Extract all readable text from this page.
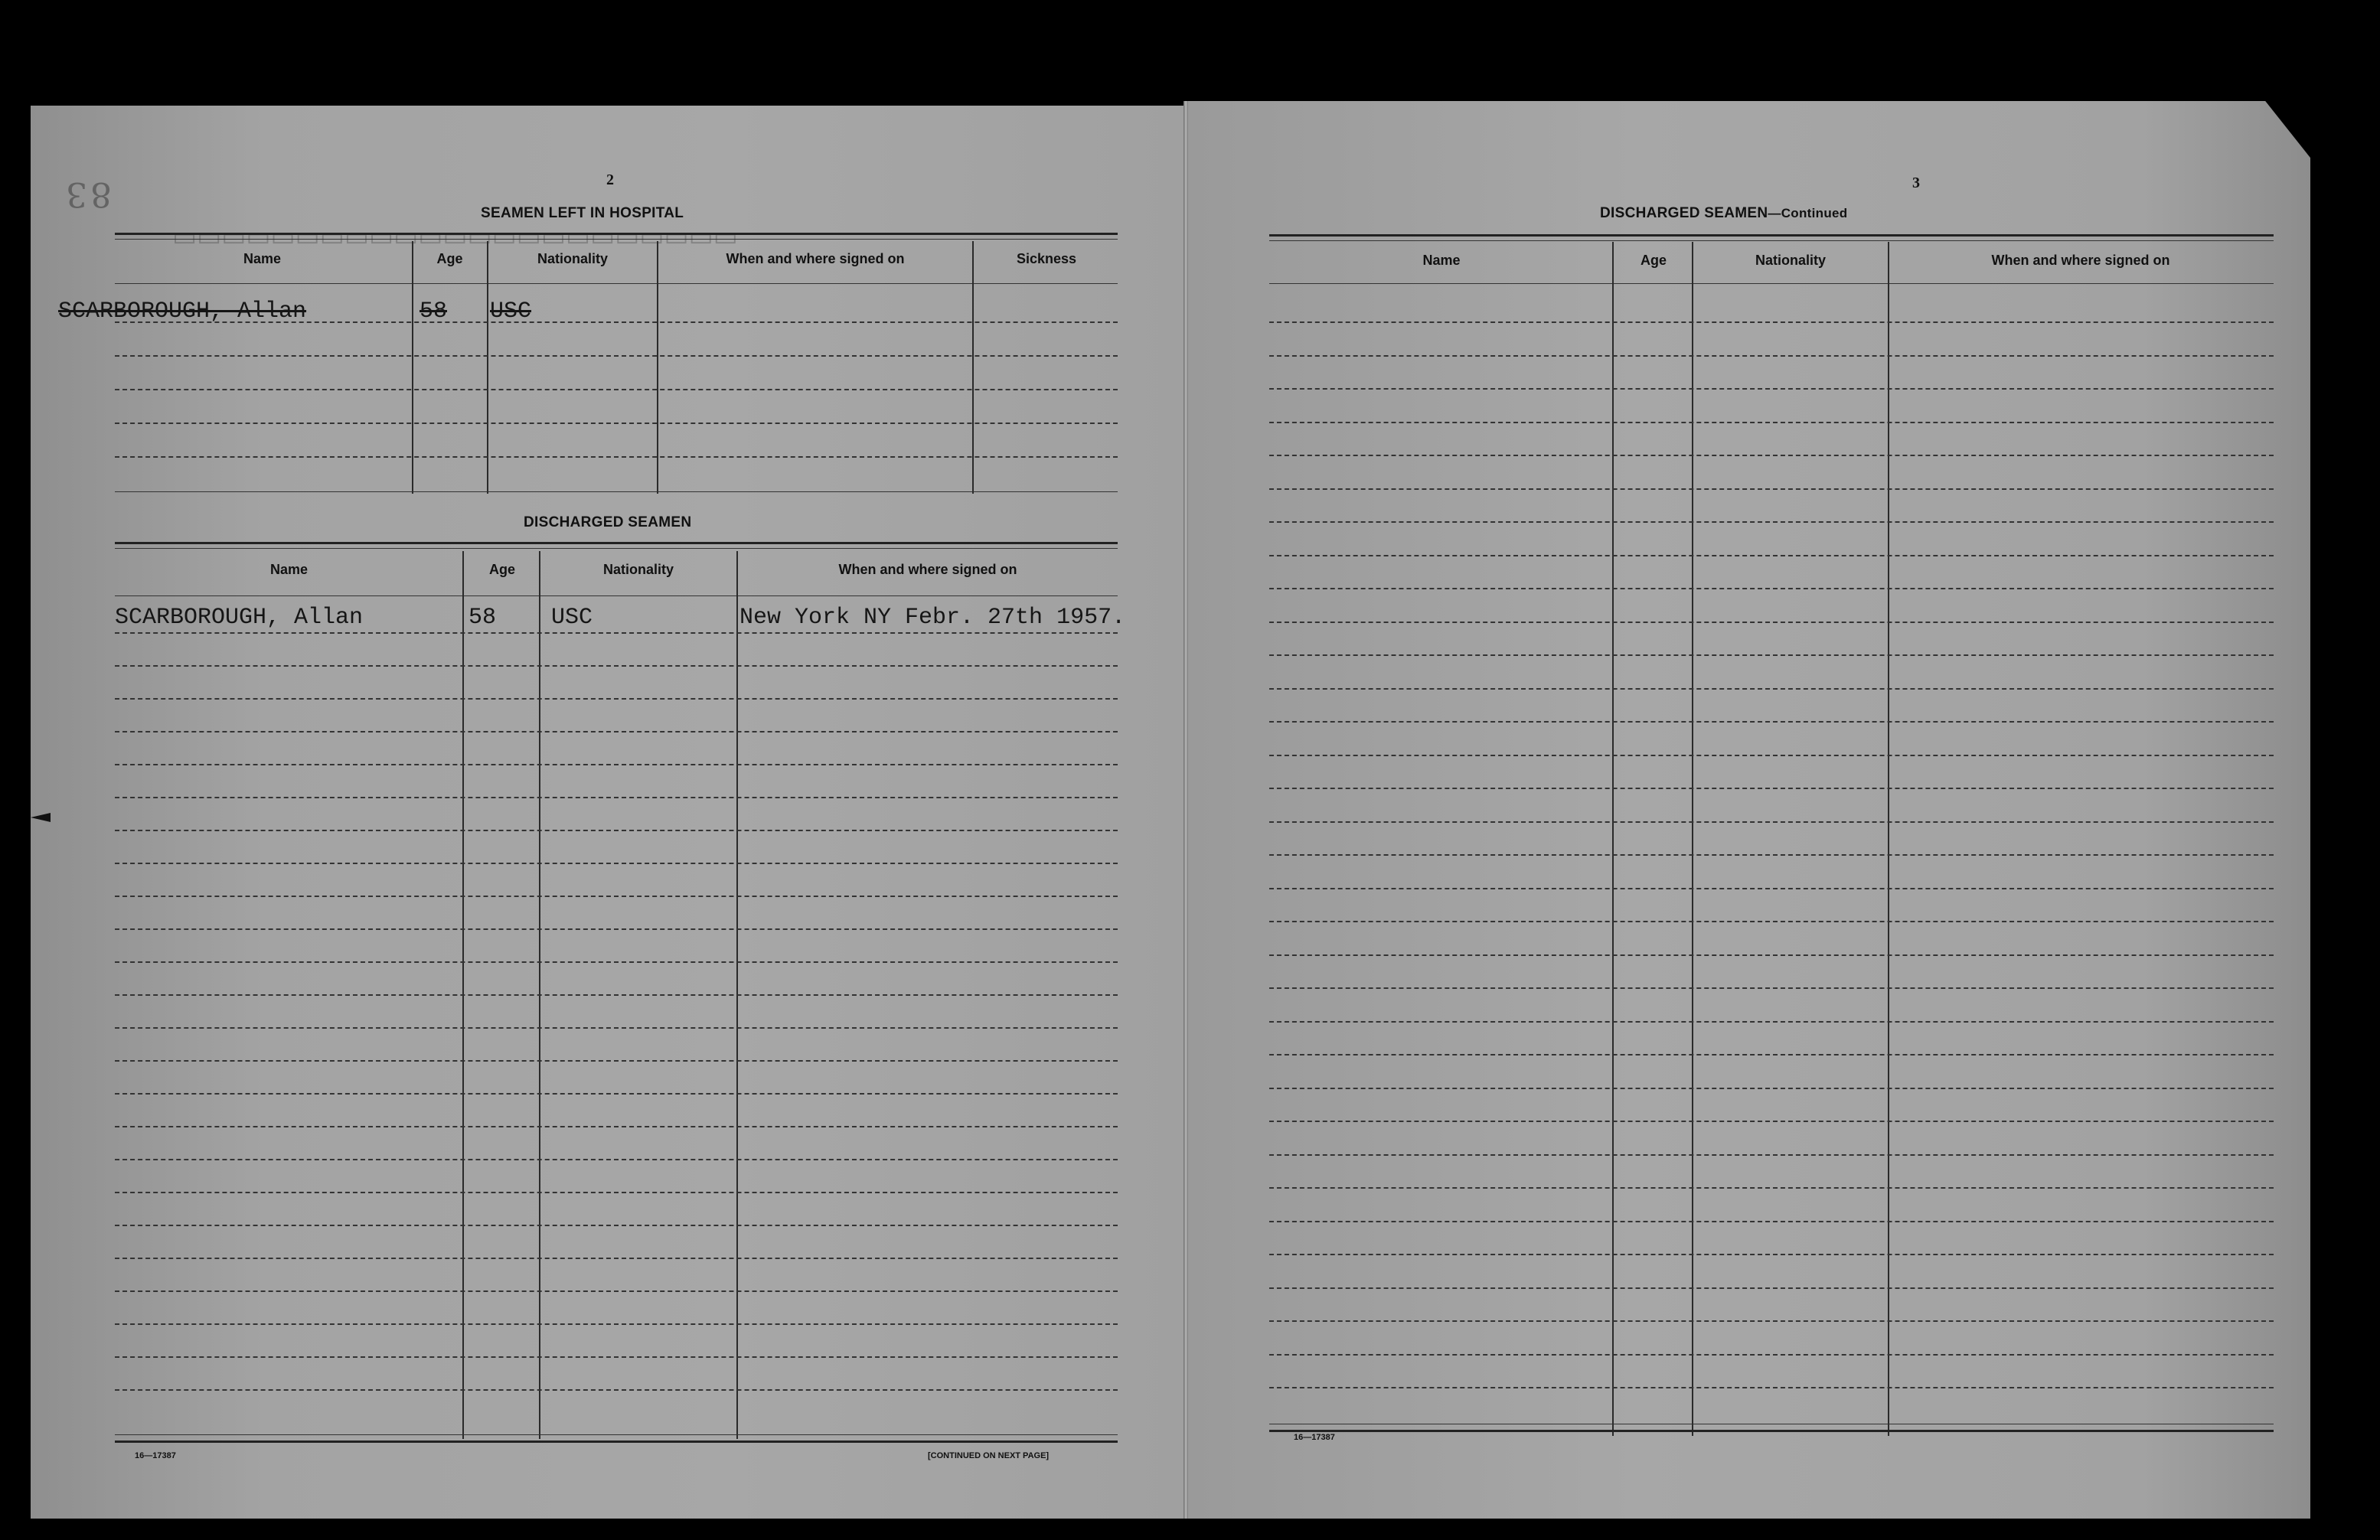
▭▭▭▭▭▭▭▭▭▭▭▭▭▭▭▭▭▭▭▭▭▭▭
83	2
SEAMEN LEFT IN HOSPITAL
Name	Age	Nationality	When and where signed on	Sickness
SCARBOROUGH, Allan	58 USC
DISCHARGED SEAMEN
Name	Age	Nationality	When and where signed on
SCARBOROUGH, Allan	58 USC	New York NY Febr. 27th 1957.
16—17387	[CONTINUED ON NEXT PAGE]
3
DISCHARGED SEAMEN—Continued
Name	Age	Nationality	When and where signed on
16—17387
